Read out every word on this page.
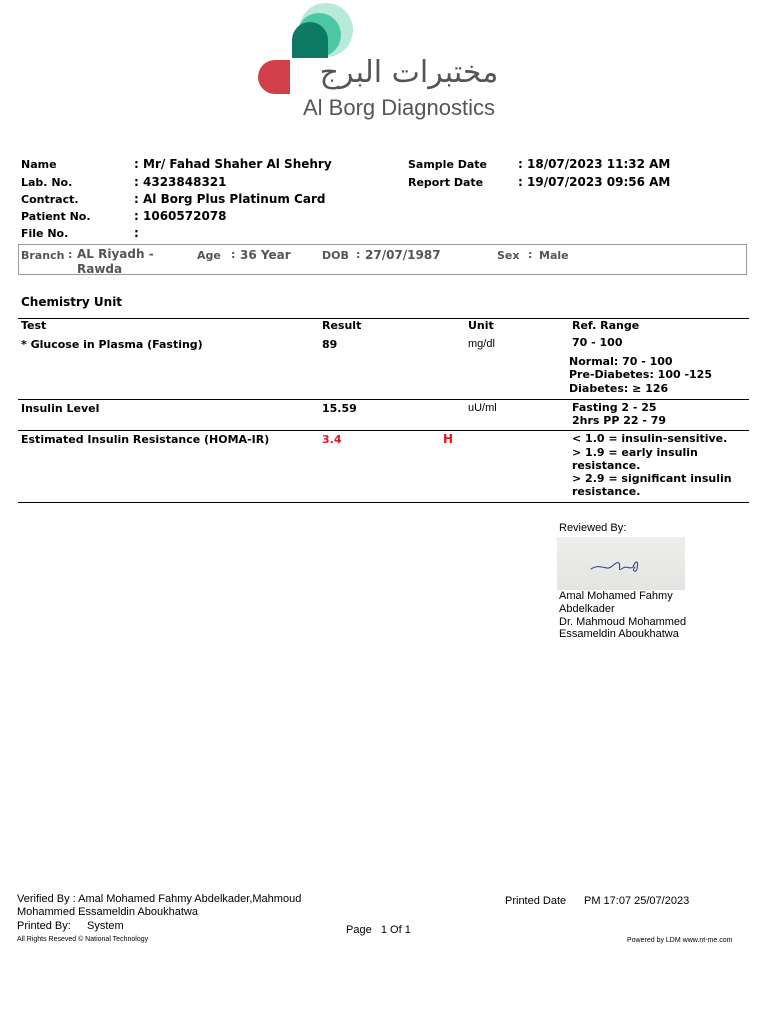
مختبرات البرج
Al Borg Diagnostics
Name	: Mr/ Fahad Shaher Al Shehry
Lab. No.	: 4323848321
Contract.	: Al Borg Plus Platinum Card
Patient No.	: 1060572078
File No.	:
Sample Date	: 18/07/2023 11:32 AM
Report Date	: 19/07/2023 09:56 AM
Branch : AL Riyadh -
Rawda
Age : 36 Year	DOB : 27/07/1987	Sex : Male
Chemistry Unit
Test	Result	Unit	Ref. Range
* Glucose in Plasma (Fasting)	89	mg/dl	70 - 100
Normal: 70 - 100
Pre-Diabetes: 100 -125
Diabetes: ≥ 126
Insulin Level	15.59	uU/ml	Fasting 2 - 25
2hrs PP 22 - 79
Estimated Insulin Resistance (HOMA-IR)	3.4	H	< 1.0 = insulin-sensitive.
> 1.9 = early insulin
resistance.
> 2.9 = significant insulin
resistance.
Reviewed By:
Amal Mohamed Fahmy
Abdelkader
Dr. Mahmoud Mohammed
Essameldin Aboukhatwa
Verified By : Amal Mohamed Fahmy Abdelkader,Mahmoud
Mohammed Essameldin Aboukhatwa
Printed By: System
All Rights Reseved © National Technology
Page   1 Of 1
Printed Date PM 17:07 25/07/2023
Powered by LDM www.nt-me.com
